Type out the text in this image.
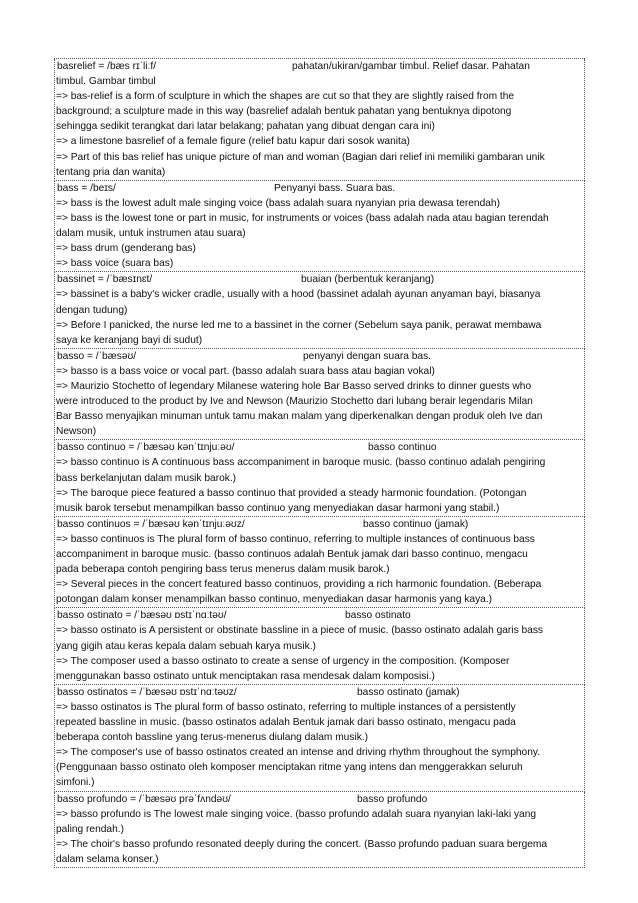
basrelief = /bæs rɪˈliːf/	pahatan/ukiran/gambar timbul. Relief dasar. Pahatan
timbul. Gambar timbul
=> bas-relief is a form of sculpture in which the shapes are cut so that they are slightly raised from the
background; a sculpture made in this way (basrelief adalah bentuk pahatan yang bentuknya dipotong
sehingga sedikit terangkat dari latar belakang; pahatan yang dibuat dengan cara ini)
=> a limestone basrelief of a female figure (relief batu kapur dari sosok wanita)
=> Part of this bas relief has unique picture of man and woman (Bagian dari relief ini memiliki gambaran unik
tentang pria dan wanita)
bass = /beɪs/	Penyanyi bass. Suara bas.
=> bass is the lowest adult male singing voice (bass adalah suara nyanyian pria dewasa terendah)
=> bass is the lowest tone or part in music, for instruments or voices (bass adalah nada atau bagian terendah
dalam musik, untuk instrumen atau suara)
=> bass drum (genderang bas)
=> bass voice (suara bas)
bassinet = /ˈbæsɪnɛt/	buaian (berbentuk keranjang)
=> bassinet is a baby's wicker cradle, usually with a hood (bassinet adalah ayunan anyaman bayi, biasanya
dengan tudung)
=> Before I panicked, the nurse led me to a bassinet in the corner (Sebelum saya panik, perawat membawa
saya ke keranjang bayi di sudut)
basso = /ˈbæsəʊ/	penyanyi dengan suara bas.
=> basso is a bass voice or vocal part. (basso adalah suara bass atau bagian vokal)
=> Maurizio Stochetto of legendary Milanese watering hole Bar Basso served drinks to dinner guests who
were introduced to the product by Ive and Newson (Maurizio Stochetto dari lubang berair legendaris Milan
Bar Basso menyajikan minuman untuk tamu makan malam yang diperkenalkan dengan produk oleh Ive dan
Newson)
basso continuo = /ˈbæsəʊ kənˈtɪnjuːəʊ/	basso continuo
=> basso continuo is A continuous bass accompaniment in baroque music. (basso continuo adalah pengiring
bass berkelanjutan dalam musik barok.)
=> The baroque piece featured a basso continuo that provided a steady harmonic foundation. (Potongan
musik barok tersebut menampilkan basso continuo yang menyediakan dasar harmoni yang stabil.)
basso continuos = /ˈbæsəʊ kənˈtɪnjuːəʊz/	basso continuo (jamak)
=> basso continuos is The plural form of basso continuo, referring to multiple instances of continuous bass
accompaniment in baroque music. (basso continuos adalah Bentuk jamak dari basso continuo, mengacu
pada beberapa contoh pengiring bass terus menerus dalam musik barok.)
=> Several pieces in the concert featured basso continuos, providing a rich harmonic foundation. (Beberapa
potongan dalam konser menampilkan basso continuo, menyediakan dasar harmonis yang kaya.)
basso ostinato = /ˈbæsəʊ ɒstɪˈnɑːtəʊ/	basso ostinato
=> basso ostinato is A persistent or obstinate bassline in a piece of music. (basso ostinato adalah garis bass
yang gigih atau keras kepala dalam sebuah karya musik.)
=> The composer used a basso ostinato to create a sense of urgency in the composition. (Komposer
menggunakan basso ostinato untuk menciptakan rasa mendesak dalam komposisi.)
basso ostinatos = /ˈbæsəʊ ɒstɪˈnɑːtəʊz/	basso ostinato (jamak)
=> basso ostinatos is The plural form of basso ostinato, referring to multiple instances of a persistently
repeated bassline in music. (basso ostinatos adalah Bentuk jamak dari basso ostinato, mengacu pada
beberapa contoh bassline yang terus-menerus diulang dalam musik.)
=> The composer's use of basso ostinatos created an intense and driving rhythm throughout the symphony.
(Penggunaan basso ostinato oleh komposer menciptakan ritme yang intens dan menggerakkan seluruh
simfoni.)
basso profundo = /ˈbæsəʊ prəˈfʌndəʊ/	basso profundo
=> basso profundo is The lowest male singing voice. (basso profundo adalah suara nyanyian laki-laki yang
paling rendah.)
=> The choir's basso profundo resonated deeply during the concert. (Basso profundo paduan suara bergema
dalam selama konser.)
